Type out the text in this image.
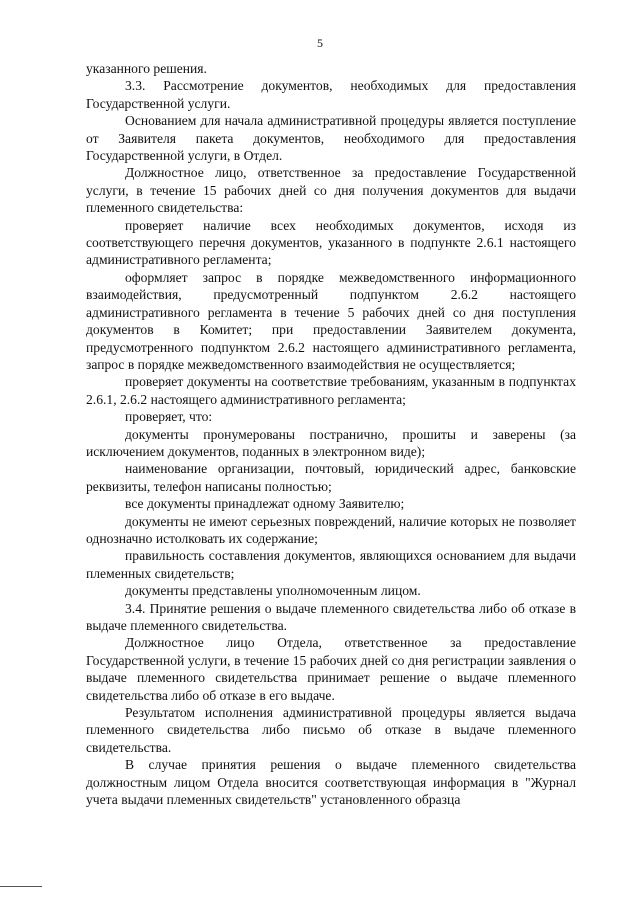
5

указанного решения.

3.3. Рассмотрение документов, необходимых для предоставления Государственной услуги.

Основанием для начала административной процедуры является поступление от Заявителя пакета документов, необходимого для предоставления Государственной услуги, в Отдел.

Должностное лицо, ответственное за предоставление Государственной услуги, в течение 15 рабочих дней со дня получения документов для выдачи племенного свидетельства:

проверяет наличие всех необходимых документов, исходя из соответствующего перечня документов, указанного в подпункте 2.6.1 настоящего административного регламента;

оформляет запрос в порядке межведомственного информационного взаимодействия, предусмотренный подпунктом 2.6.2 настоящего административного регламента в течение 5 рабочих дней со дня поступления документов в Комитет; при предоставлении Заявителем документа, предусмотренного подпунктом 2.6.2 настоящего административного регламента, запрос в порядке межведомственного взаимодействия не осуществляется;

проверяет документы на соответствие требованиям, указанным в подпунктах 2.6.1, 2.6.2 настоящего административного регламента;

проверяет, что:

документы пронумерованы постранично, прошиты и заверены (за исключением документов, поданных в электронном виде);

наименование организации, почтовый, юридический адрес, банковские реквизиты, телефон написаны полностью;

все документы принадлежат одному Заявителю;

документы не имеют серьезных повреждений, наличие которых не позволяет однозначно истолковать их содержание;

правильность составления документов, являющихся основанием для выдачи племенных свидетельств;

документы представлены уполномоченным лицом.

3.4. Принятие решения о выдаче племенного свидетельства либо об отказе в выдаче племенного свидетельства.

Должностное лицо Отдела, ответственное за предоставление Государственной услуги, в течение 15 рабочих дней со дня регистрации заявления о выдаче племенного свидетельства принимает решение о выдаче племенного свидетельства либо об отказе в его выдаче.

Результатом исполнения административной процедуры является выдача племенного свидетельства либо письмо об отказе в выдаче племенного свидетельства.

В случае принятия решения о выдаче племенного свидетельства должностным лицом Отдела вносится соответствующая информация в "Журнал учета выдачи племенных свидетельств" установленного образца
